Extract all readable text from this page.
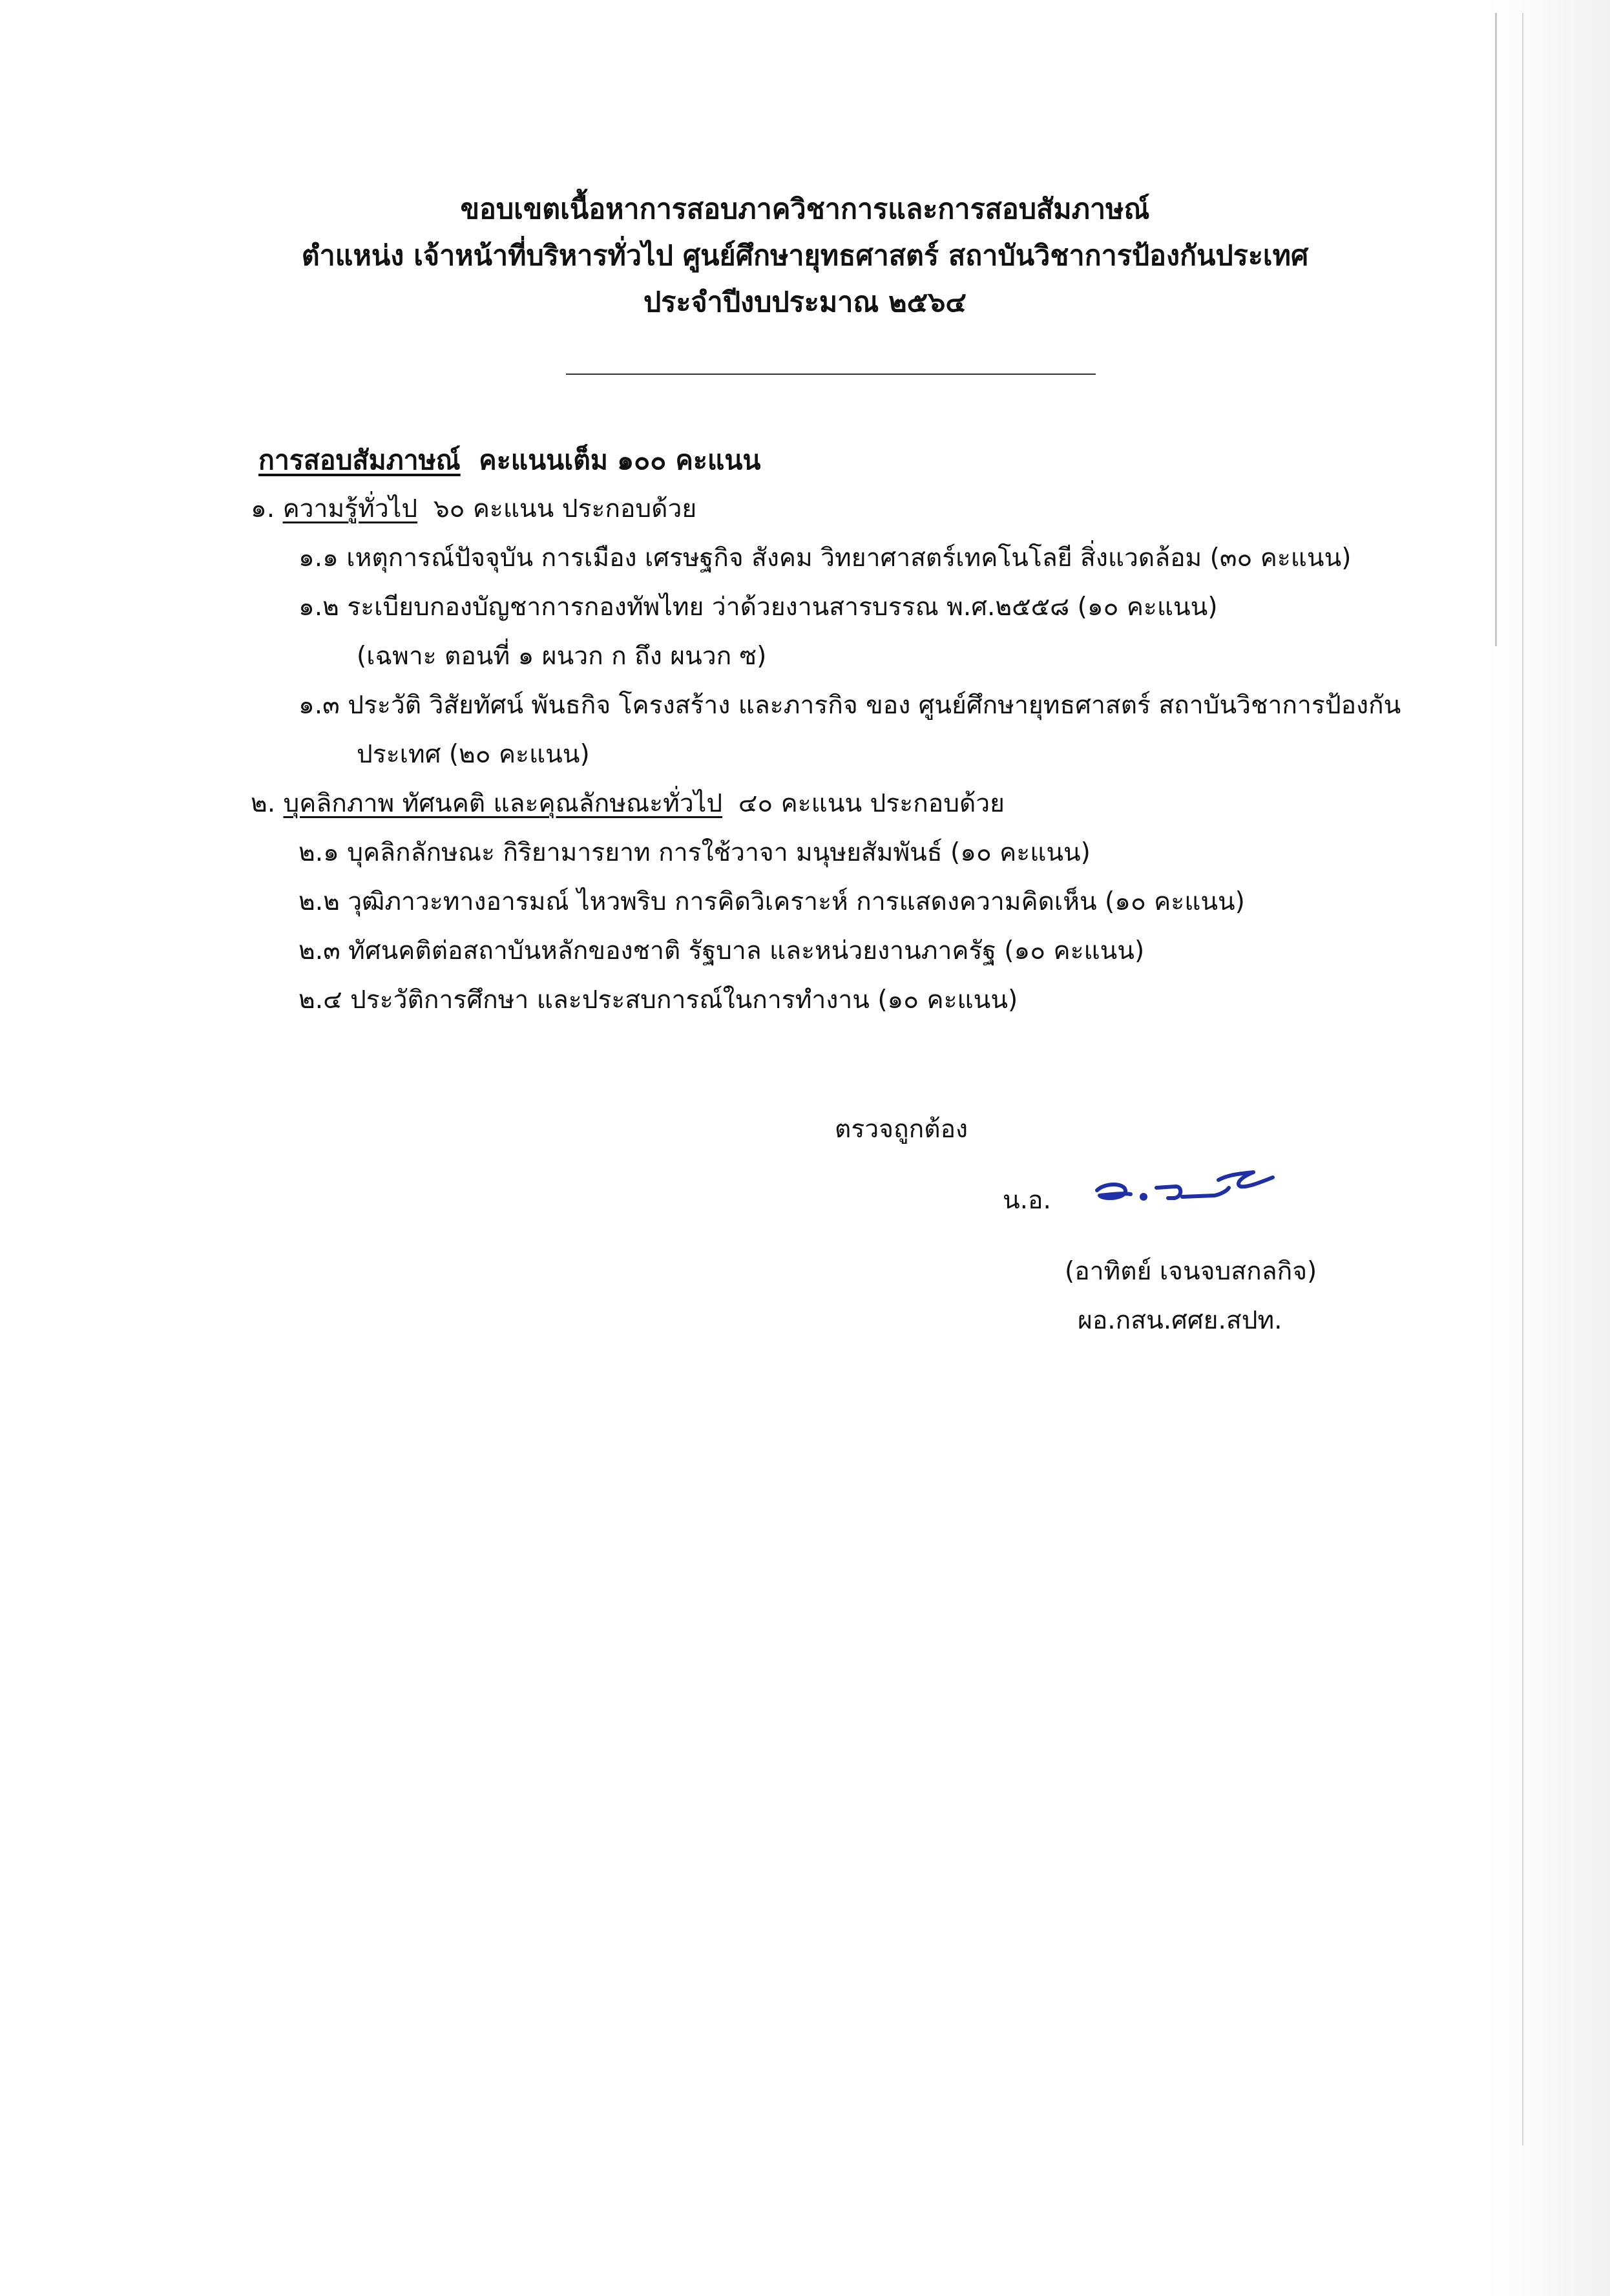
ขอบเขตเนื้อหาการสอบภาควิชาการและการสอบสัมภาษณ์
ตำแหน่ง เจ้าหน้าที่บริหารทั่วไป ศูนย์ศึกษายุทธศาสตร์ สถาบันวิชาการป้องกันประเทศ
ประจำปีงบประมาณ ๒๕๖๔
การสอบสัมภาษณ์ คะแนนเต็ม ๑๐๐ คะแนน
๑. ความรู้ทั่วไป ๖๐ คะแนน ประกอบด้วย
๑.๑ เหตุการณ์ปัจจุบัน การเมือง เศรษฐกิจ สังคม วิทยาศาสตร์เทคโนโลยี สิ่งแวดล้อม (๓๐ คะแนน)
๑.๒ ระเบียบกองบัญชาการกองทัพไทย ว่าด้วยงานสารบรรณ พ.ศ.๒๕๕๘ (๑๐ คะแนน)
(เฉพาะ ตอนที่ ๑ ผนวก ก ถึง ผนวก ซ)
๑.๓ ประวัติ วิสัยทัศน์ พันธกิจ โครงสร้าง และภารกิจ ของ ศูนย์ศึกษายุทธศาสตร์ สถาบันวิชาการป้องกัน
ประเทศ (๒๐ คะแนน)
๒. บุคลิกภาพ ทัศนคติ และคุณลักษณะทั่วไป ๔๐ คะแนน ประกอบด้วย
๒.๑ บุคลิกลักษณะ กิริยามารยาท การใช้วาจา มนุษยสัมพันธ์ (๑๐ คะแนน)
๒.๒ วุฒิภาวะทางอารมณ์ ไหวพริบ การคิดวิเคราะห์ การแสดงความคิดเห็น (๑๐ คะแนน)
๒.๓ ทัศนคติต่อสถาบันหลักของชาติ รัฐบาล และหน่วยงานภาครัฐ (๑๐ คะแนน)
๒.๔ ประวัติการศึกษา และประสบการณ์ในการทำงาน (๑๐ คะแนน)
ตรวจถูกต้อง
น.อ.
(อาทิตย์ เจนจบสกลกิจ)
ผอ.กสน.ศศย.สปท.
